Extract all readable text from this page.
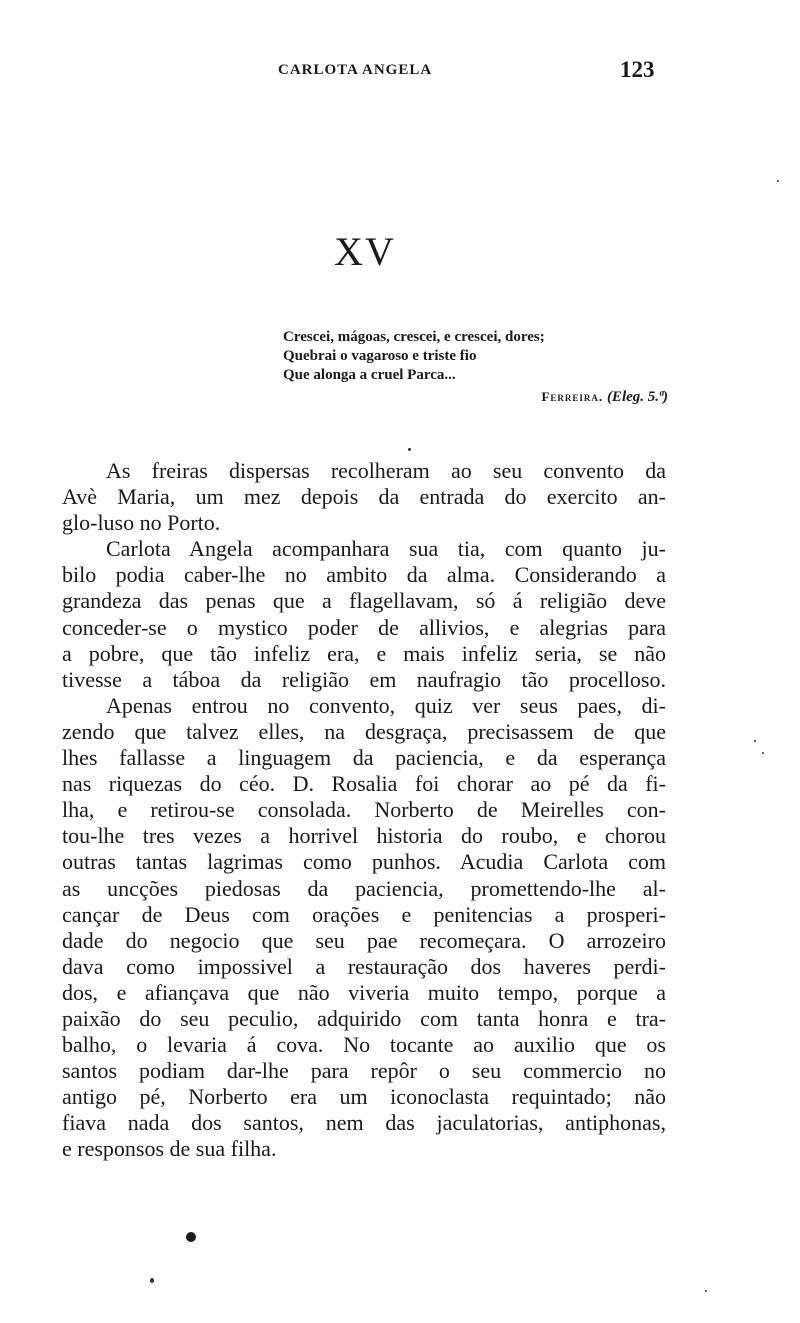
CARLOTA ANGELA	123
XV
Crescei, mágoas, crescei, e crescei, dores;
Quebrai o vagaroso e triste fio
Que alonga a cruel Parca...
Ferreira. (Eleg. 5.ª)
As freiras dispersas recolheram ao seu convento da
Avè Maria, um mez depois da entrada do exercito an-
glo-luso no Porto.
Carlota Angela acompanhara sua tia, com quanto ju-
bilo podia caber-lhe no ambito da alma. Considerando a
grandeza das penas que a flagellavam, só á religião deve
conceder-se o mystico poder de allivios, e alegrias para
a pobre, que tão infeliz era, e mais infeliz seria, se não
tivesse a táboa da religião em naufragio tão procelloso.
Apenas entrou no convento, quiz ver seus paes, di-
zendo que talvez elles, na desgraça, precisassem de que
lhes fallasse a linguagem da paciencia, e da esperança
nas riquezas do céo. D. Rosalia foi chorar ao pé da fi-
lha, e retirou-se consolada. Norberto de Meirelles con-
tou-lhe tres vezes a horrivel historia do roubo, e chorou
outras tantas lagrimas como punhos. Acudia Carlota com
as uncções piedosas da paciencia, promettendo-lhe al-
cançar de Deus com orações e penitencias a prosperi-
dade do negocio que seu pae recomeçara. O arrozeiro
dava como impossivel a restauração dos haveres perdi-
dos, e afiançava que não viveria muito tempo, porque a
paixão do seu peculio, adquirido com tanta honra e tra-
balho, o levaria á cova. No tocante ao auxilio que os
santos podiam dar-lhe para repôr o seu commercio no
antigo pé, Norberto era um iconoclasta requintado; não
fiava nada dos santos, nem das jaculatorias, antiphonas,
e responsos de sua filha.
